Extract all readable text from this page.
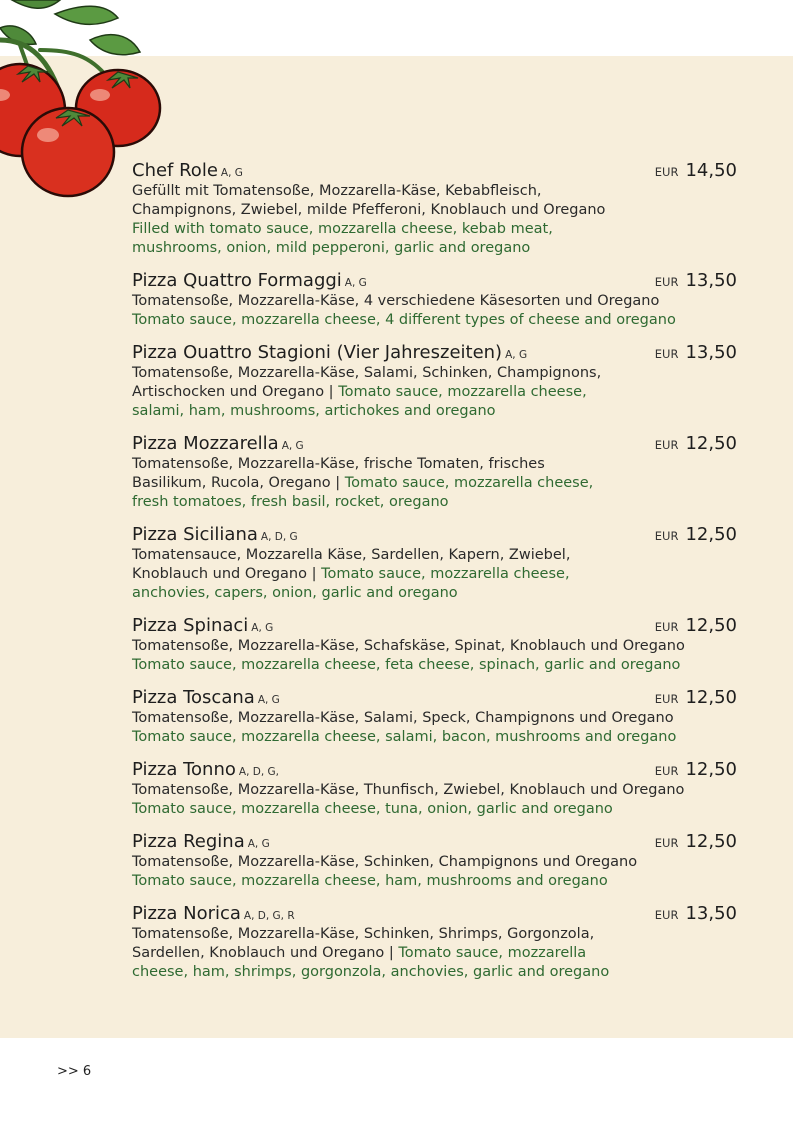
Chef Role A, G	EUR 14,50
Gefüllt mit Tomatensoße, Mozzarella-Käse, Kebabfleisch,
Champignons, Zwiebel, milde Pfefferoni, Knoblauch und Oregano
Filled with tomato sauce, mozzarella cheese, kebab meat,
mushrooms, onion, mild pepperoni, garlic and oregano
Pizza Quattro Formaggi A, G	EUR 13,50
Tomatensoße, Mozzarella-Käse, 4 verschiedene Käsesorten und Oregano
Tomato sauce, mozzarella cheese, 4 different types of cheese and oregano
Pizza Ouattro Stagioni (Vier Jahreszeiten) A, G	EUR 13,50
Tomatensoße, Mozzarella-Käse, Salami, Schinken, Champignons,
Artischocken und Oregano | Tomato sauce, mozzarella cheese,
salami, ham, mushrooms, artichokes and oregano
Pizza Mozzarella A, G	EUR 12,50
Tomatensoße, Mozzarella-Käse, frische Tomaten, frisches
Basilikum, Rucola, Oregano | Tomato sauce, mozzarella cheese,
fresh tomatoes, fresh basil, rocket, oregano
Pizza Siciliana A, D, G	EUR 12,50
Tomatensauce, Mozzarella Käse, Sardellen, Kapern, Zwiebel,
Knoblauch und Oregano | Tomato sauce, mozzarella cheese,
anchovies, capers, onion, garlic and oregano
Pizza Spinaci A, G	EUR 12,50
Tomatensoße, Mozzarella-Käse, Schafskäse, Spinat, Knoblauch und Oregano
Tomato sauce, mozzarella cheese, feta cheese, spinach, garlic and oregano
Pizza Toscana A, G	EUR 12,50
Tomatensoße, Mozzarella-Käse, Salami, Speck, Champignons und Oregano
Tomato sauce, mozzarella cheese, salami, bacon, mushrooms and oregano
Pizza Tonno A, D, G,	EUR 12,50
Tomatensoße, Mozzarella-Käse, Thunfisch, Zwiebel, Knoblauch und Oregano
Tomato sauce, mozzarella cheese, tuna, onion, garlic and oregano
Pizza Regina A, G	EUR 12,50
Tomatensoße, Mozzarella-Käse, Schinken, Champignons und Oregano
Tomato sauce, mozzarella cheese, ham, mushrooms and oregano
Pizza Norica A, D, G, R	EUR 13,50
Tomatensoße, Mozzarella-Käse, Schinken, Shrimps, Gorgonzola,
Sardellen, Knoblauch und Oregano | Tomato sauce, mozzarella
cheese, ham, shrimps, gorgonzola, anchovies, garlic and oregano
>> 6
